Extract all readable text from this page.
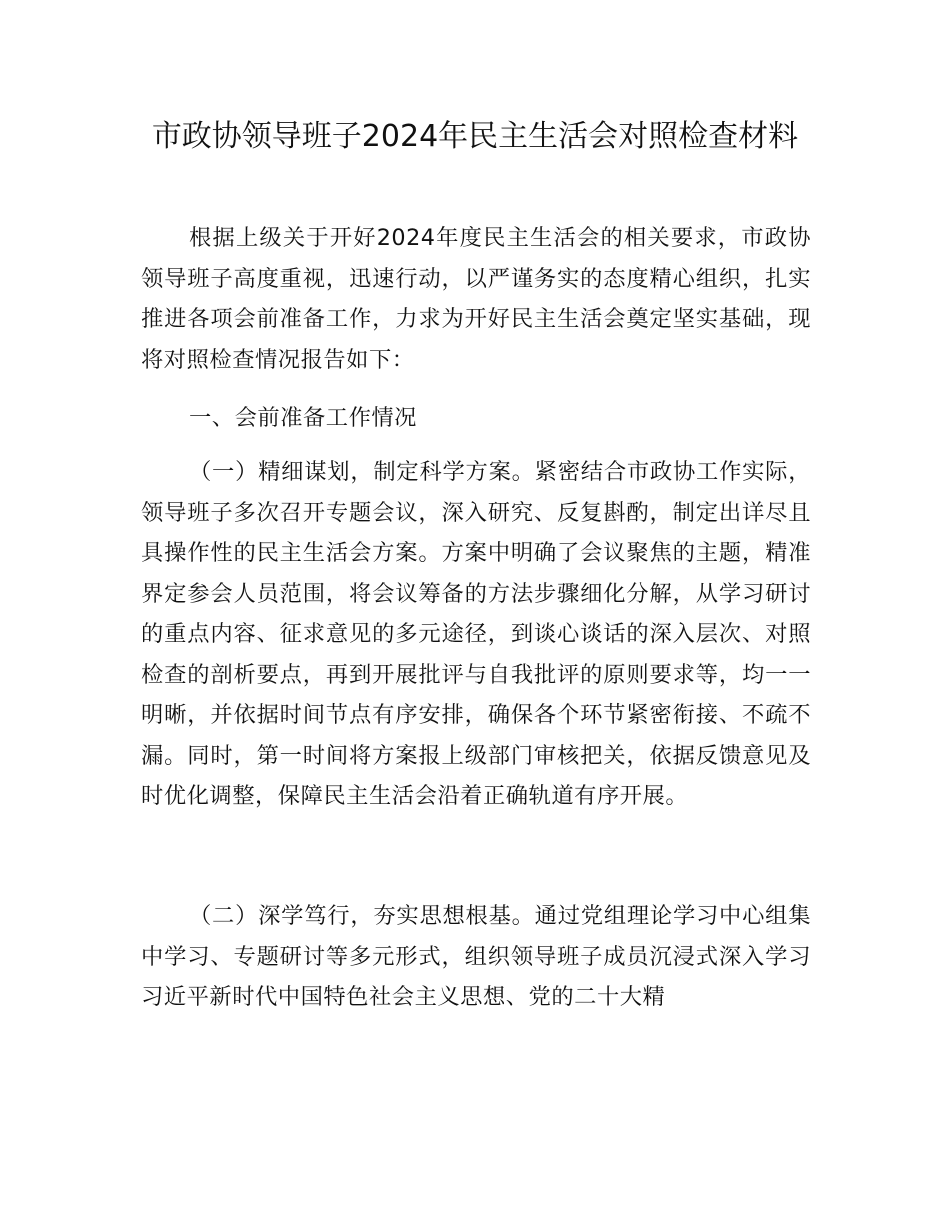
市政协领导班子2024年民主生活会对照检查材料

根据上级关于开好2024年度民主生活会的相关要求，市政协领导班子高度重视，迅速行动，以严谨务实的态度精心组织，扎实推进各项会前准备工作，力求为开好民主生活会奠定坚实基础，现将对照检查情况报告如下：

一、会前准备工作情况

（一）精细谋划，制定科学方案。紧密结合市政协工作实际，领导班子多次召开专题会议，深入研究、反复斟酌，制定出详尽且具操作性的民主生活会方案。方案中明确了会议聚焦的主题，精准界定参会人员范围，将会议筹备的方法步骤细化分解，从学习研讨的重点内容、征求意见的多元途径，到谈心谈话的深入层次、对照检查的剖析要点，再到开展批评与自我批评的原则要求等，均一一明晰，并依据时间节点有序安排，确保各个环节紧密衔接、不疏不漏。同时，第一时间将方案报上级部门审核把关，依据反馈意见及时优化调整，保障民主生活会沿着正确轨道有序开展。

（二）深学笃行，夯实思想根基。通过党组理论学习中心组集中学习、专题研讨等多元形式，组织领导班子成员沉浸式深入学习习近平新时代中国特色社会主义思想、党的二十大精
